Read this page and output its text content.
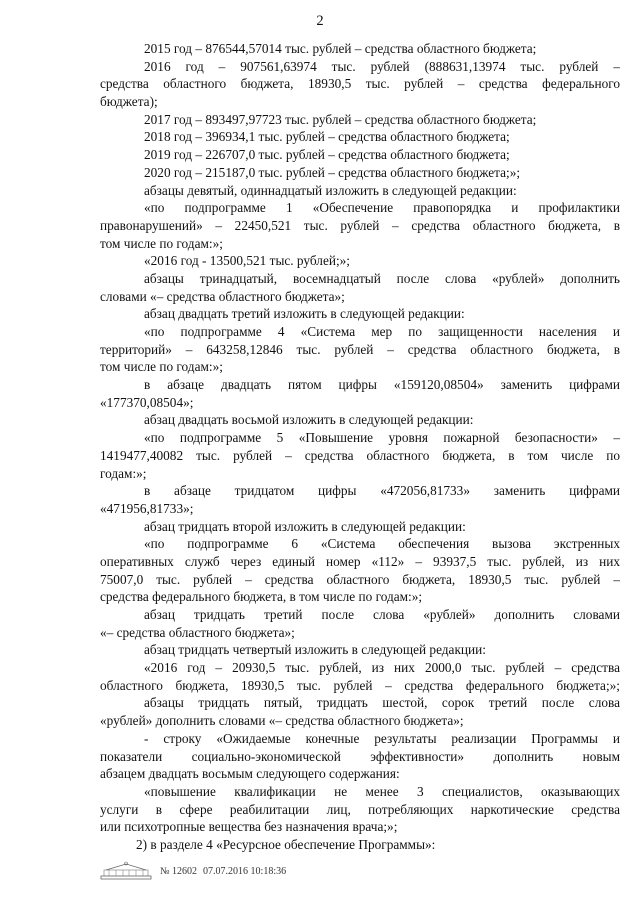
2
2015 год – 876544,57014 тыс. рублей – средства областного бюджета;
2016 год – 907561,63974 тыс. рублей (888631,13974 тыс. рублей –
средства областного бюджета, 18930,5 тыс. рублей – средства федерального
бюджета);
2017 год – 893497,97723 тыс. рублей – средства областного бюджета;
2018 год – 396934,1 тыс. рублей – средства областного бюджета;
2019 год – 226707,0 тыс. рублей – средства областного бюджета;
2020 год – 215187,0 тыс. рублей – средства областного бюджета;»;
абзацы девятый, одиннадцатый изложить в следующей редакции:
«по подпрограмме 1 «Обеспечение правопорядка и профилактики
правонарушений» – 22450,521 тыс. рублей – средства областного бюджета, в
том числе по годам:»;
«2016 год - 13500,521 тыс. рублей;»;
абзацы тринадцатый, восемнадцатый после слова «рублей» дополнить
словами «– средства областного бюджета»;
абзац двадцать третий изложить в следующей редакции:
«по подпрограмме 4 «Система мер по защищенности населения и
территорий» – 643258,12846 тыс. рублей – средства областного бюджета, в
том числе по годам:»;
в абзаце двадцать пятом цифры «159120,08504» заменить цифрами
«177370,08504»;
абзац двадцать восьмой изложить в следующей редакции:
«по подпрограмме 5 «Повышение уровня пожарной безопасности» –
1419477,40082 тыс. рублей – средства областного бюджета, в том числе по
годам:»;
в абзаце тридцатом цифры «472056,81733» заменить цифрами
«471956,81733»;
абзац тридцать второй изложить в следующей редакции:
«по подпрограмме 6 «Система обеспечения вызова экстренных
оперативных служб через единый номер «112» – 93937,5 тыс. рублей, из них
75007,0 тыс. рублей – средства областного бюджета, 18930,5 тыс. рублей –
средства федерального бюджета, в том числе по годам:»;
абзац тридцать третий после слова «рублей» дополнить словами
«– средства областного бюджета»;
абзац тридцать четвертый изложить в следующей редакции:
«2016 год – 20930,5 тыс. рублей, из них 2000,0 тыс. рублей – средства
областного бюджета, 18930,5 тыс. рублей – средства федерального бюджета;»;
абзацы тридцать пятый, тридцать шестой, сорок третий после слова
«рублей» дополнить словами «– средства областного бюджета»;
- строку «Ожидаемые конечные результаты реализации Программы и
показатели социально-экономической эффективности» дополнить новым
абзацем двадцать восьмым следующего содержания:
«повышение квалификации не менее 3 специалистов, оказывающих
услуги в сфере реабилитации лиц, потребляющих наркотические средства
или психотропные вещества без назначения врача;»;
2) в разделе 4 «Ресурсное обеспечение Программы»:
№ 12602 07.07.2016 10:18:36
